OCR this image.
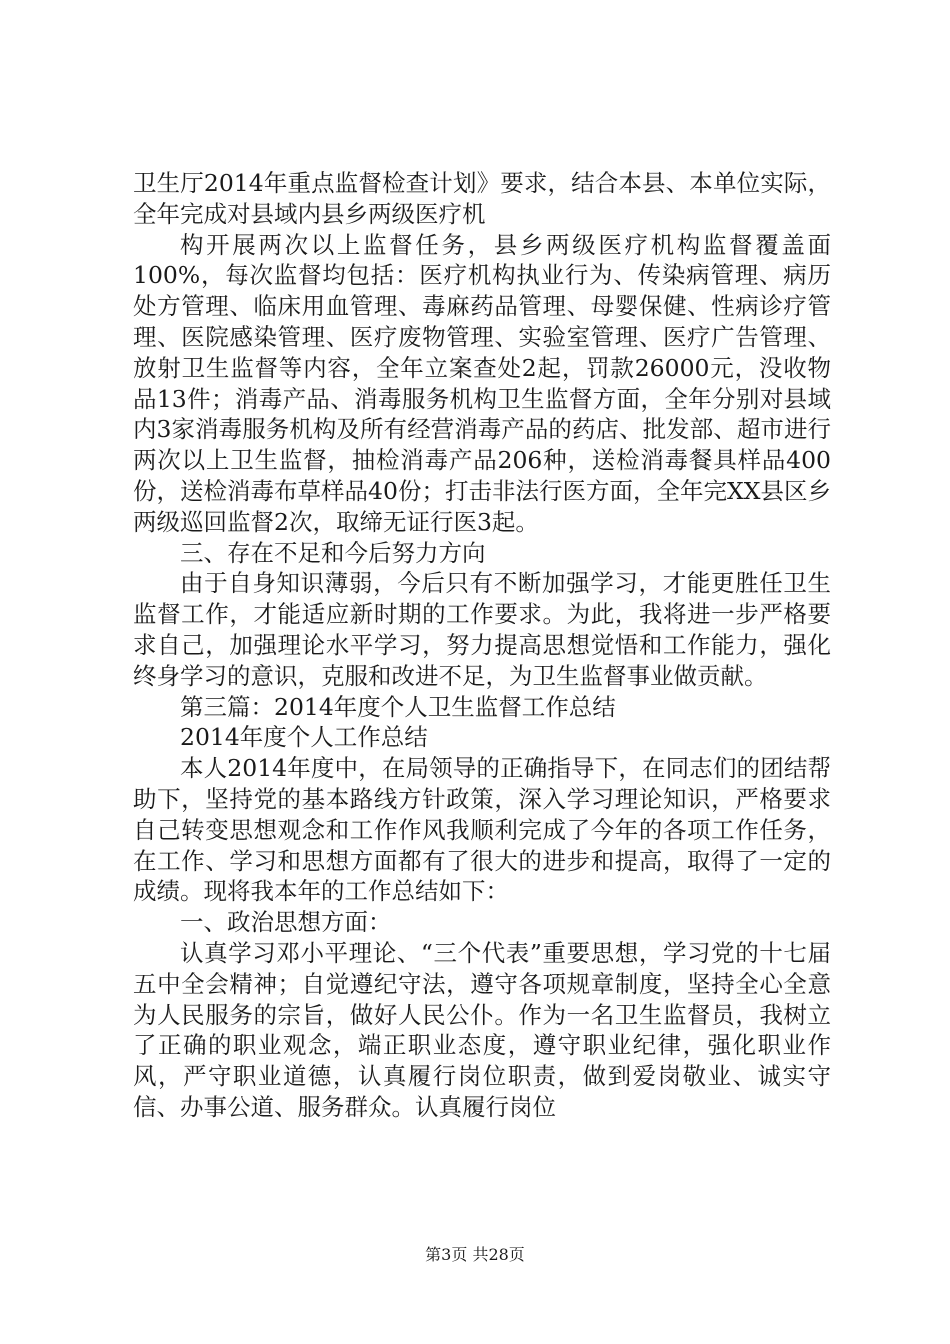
卫生厅2014年重点监督检查计划》要求，结合本县、本单位实际，全年完成对县域内县乡两级医疗机

构开展两次以上监督任务，县乡两级医疗机构监督覆盖面100%，每次监督均包括：医疗机构执业行为、传染病管理、病历处方管理、临床用血管理、毒麻药品管理、母婴保健、性病诊疗管理、医院感染管理、医疗废物管理、实验室管理、医疗广告管理、放射卫生监督等内容，全年立案查处2起，罚款26000元，没收物品13件；消毒产品、消毒服务机构卫生监督方面，全年分别对县域内3家消毒服务机构及所有经营消毒产品的药店、批发部、超市进行两次以上卫生监督，抽检消毒产品206种，送检消毒餐具样品400份，送检消毒布草样品40份；打击非法行医方面，全年完XX县区乡两级巡回监督2次，取缔无证行医3起。

三、存在不足和今后努力方向

由于自身知识薄弱，今后只有不断加强学习，才能更胜任卫生监督工作，才能适应新时期的工作要求。为此，我将进一步严格要求自己，加强理论水平学习，努力提高思想觉悟和工作能力，强化终身学习的意识，克服和改进不足，为卫生监督事业做贡献。

第三篇：2014年度个人卫生监督工作总结

2014年度个人工作总结

本人2014年度中，在局领导的正确指导下，在同志们的团结帮助下，坚持党的基本路线方针政策，深入学习理论知识，严格要求自己转变思想观念和工作作风我顺利完成了今年的各项工作任务，在工作、学习和思想方面都有了很大的进步和提高，取得了一定的成绩。现将我本年的工作总结如下：

一、政治思想方面：

认真学习邓小平理论、“三个代表”重要思想，学习党的十七届五中全会精神；自觉遵纪守法，遵守各项规章制度，坚持全心全意为人民服务的宗旨，做好人民公仆。作为一名卫生监督员，我树立了正确的职业观念，端正职业态度，遵守职业纪律，强化职业作风，严守职业道德，认真履行岗位职责，做到爱岗敬业、诚实守信、办事公道、服务群众。认真履行岗位

第3页 共28页
